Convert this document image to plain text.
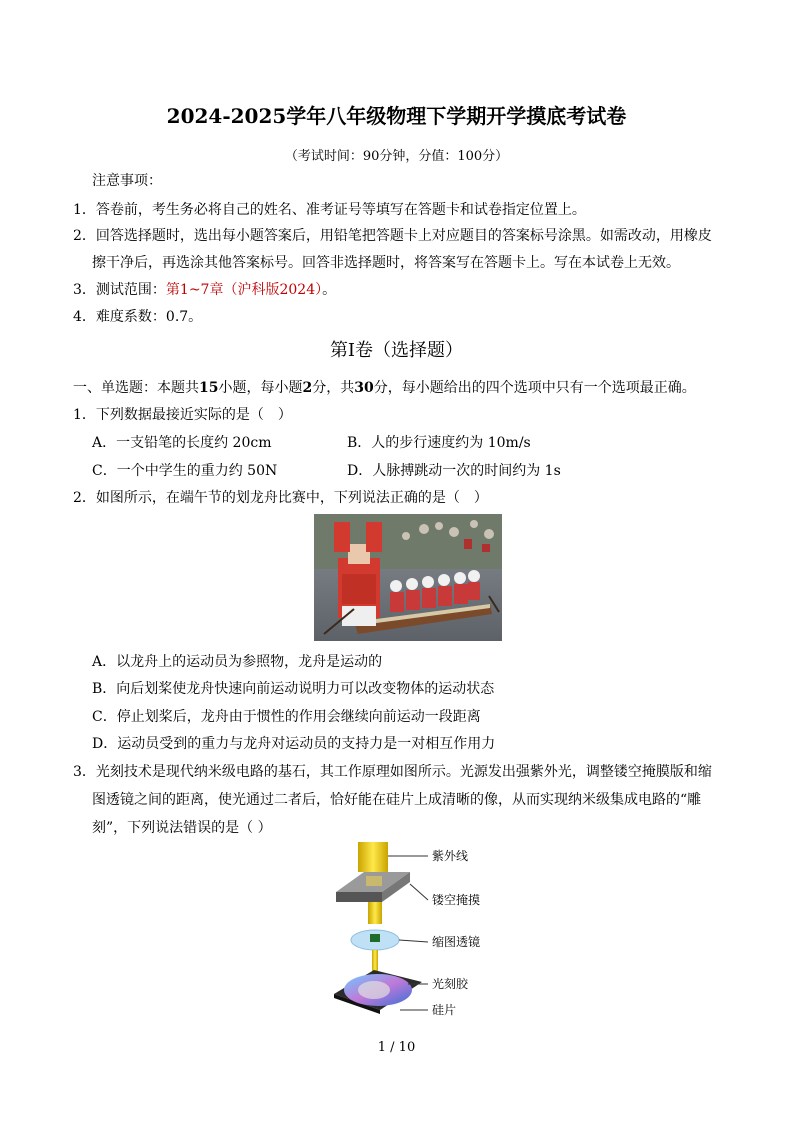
2024-2025学年八年级物理下学期开学摸底考试卷
（考试时间：90分钟，分值：100分）
注意事项：
1．答卷前，考生务必将自己的姓名、准考证号等填写在答题卡和试卷指定位置上。
2．回答选择题时，选出每小题答案后，用铅笔把答题卡上对应题目的答案标号涂黑。如需改动，用橡皮
擦干净后，再选涂其他答案标号。回答非选择题时，将答案写在答题卡上。写在本试卷上无效。
3．测试范围：第1~7章（沪科版2024）。
4．难度系数：0.7。
第Ⅰ卷（选择题）
一、单选题：本题共15小题，每小题2分，共30分，每小题给出的四个选项中只有一个选项最正确。
1．下列数据最接近实际的是（　）
A．一支铅笔的长度约 20cm	B．人的步行速度约为 10m/s
C．一个中学生的重力约 50N	D．人脉搏跳动一次的时间约为 1s
2．如图所示，在端午节的划龙舟比赛中，下列说法正确的是（　）
A．以龙舟上的运动员为参照物，龙舟是运动的
B．向后划桨使龙舟快速向前运动说明力可以改变物体的运动状态
C．停止划桨后，龙舟由于惯性的作用会继续向前运动一段距离
D．运动员受到的重力与龙舟对运动员的支持力是一对相互作用力
3．光刻技术是现代纳米级电路的基石，其工作原理如图所示。光源发出强紫外光，调整镂空掩膜版和缩
图透镜之间的距离，使光通过二者后，恰好能在硅片上成清晰的像，从而实现纳米级集成电路的“雕
刻”，下列说法错误的是（ ）
紫外线
镂空掩摸
缩图透镜
光刻胶
硅片
1 / 10
